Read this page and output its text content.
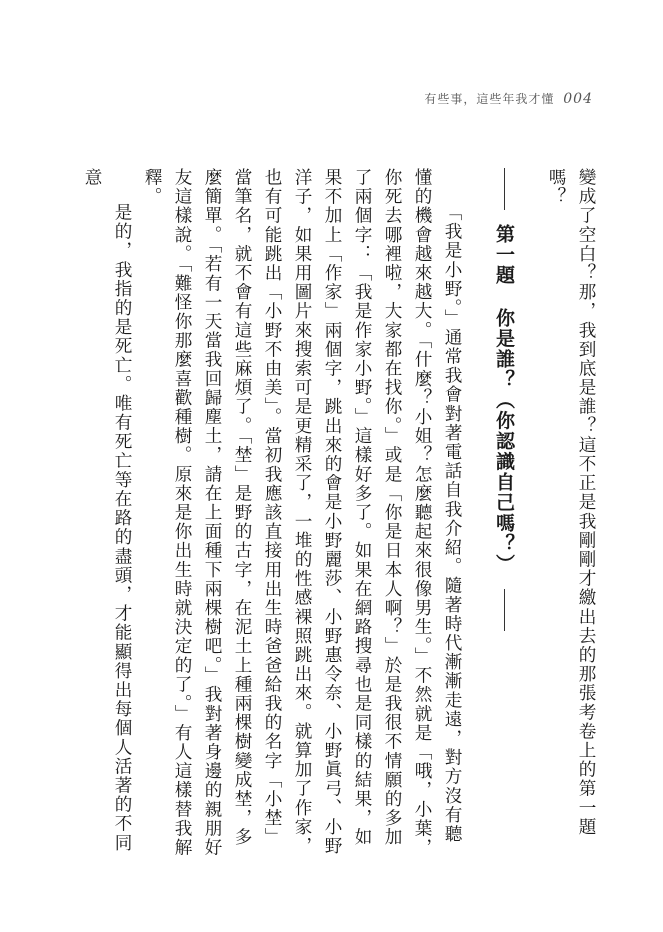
有些事，這些年我才懂 004

變成了空白？那，我到底是誰？這不正是我剛剛才繳出去的那張考卷上的第一題嗎？

第一題
你是誰？（你認識自己嗎？）

「我是小野。」通常我會對著電話自我介紹。隨著時代漸漸走遠，對方沒有聽懂的機會越來越大。「什麼？小姐？怎麼聽起來很像男生。」不然就是「哦，小葉，你死去哪裡啦，大家都在找你。」或是「你是日本人啊？」於是我很不情願的多加了兩個字：「我是作家小野。」這樣好多了。如果在網路搜尋也是同樣的結果，如果不加上「作家」兩個字，跳出來的會是小野麗莎、小野惠令奈、小野眞弓、小野洋子，如果用圖片來搜索可是更精采了，一堆的性感裸照跳出來。就算加了作家，也有可能跳出「小野不由美」。當初我應該直接用出生時爸爸給我的名字「小埜」當筆名，就不會有這些麻煩了。「埜」是野的古字，在泥土上種兩棵樹變成埜，多麼簡單。「若有一天當我回歸塵土，請在上面種下兩棵樹吧。」我對著身邊的親朋好友這樣說。「難怪你那麼喜歡種樹。原來是你出生時就決定的了。」有人這樣替我解釋。

是的，我指的是死亡。唯有死亡等在路的盡頭，才能顯得出每個人活著的不同意
